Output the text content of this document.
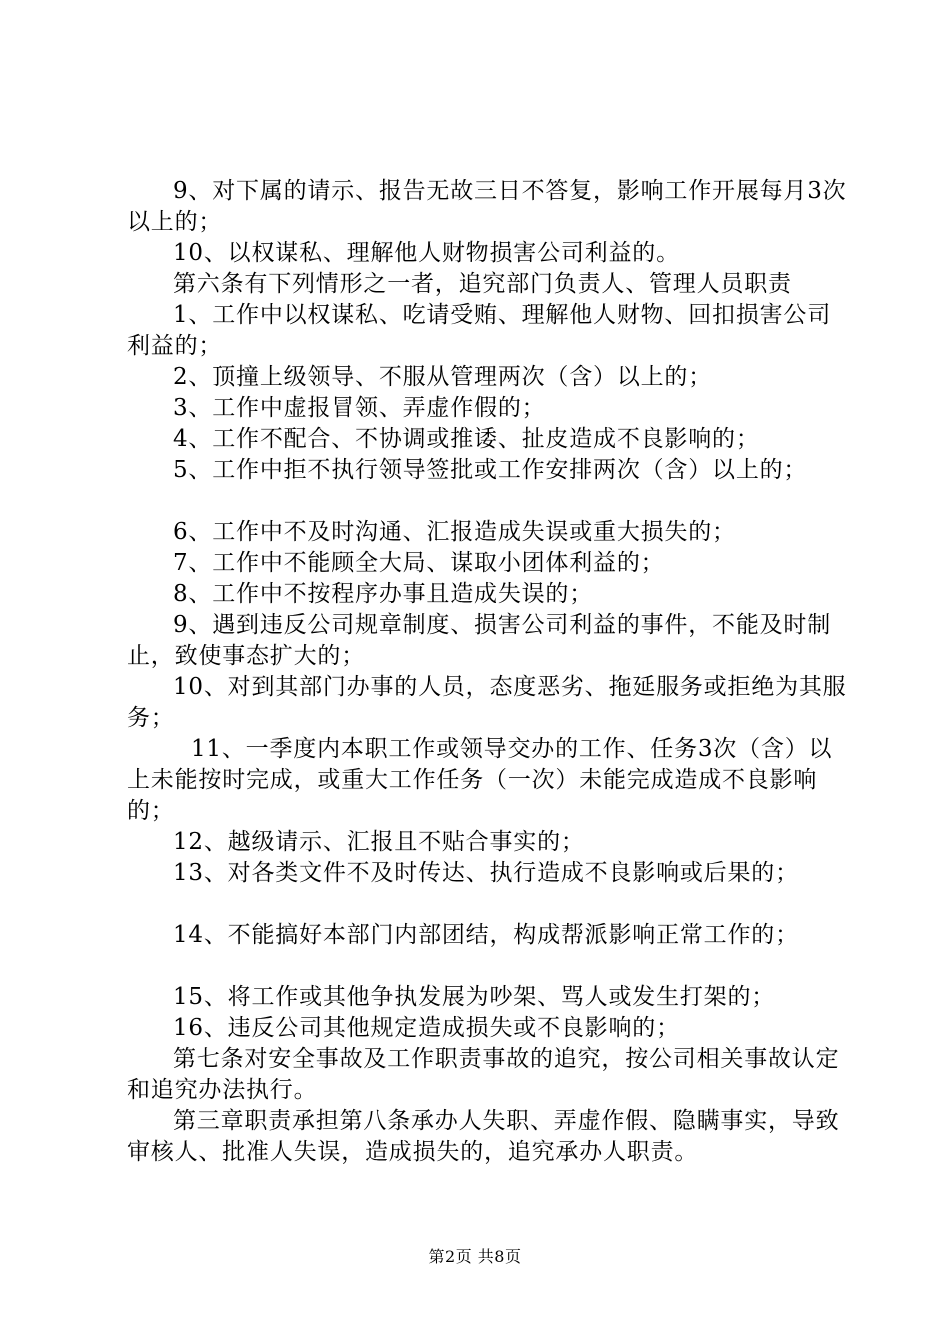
9、对下属的请示、报告无故三日不答复，影响工作开展每月3次以上的；

10、以权谋私、理解他人财物损害公司利益的。

第六条有下列情形之一者，追究部门负责人、管理人员职责

1、工作中以权谋私、吃请受贿、理解他人财物、回扣损害公司利益的；

2、顶撞上级领导、不服从管理两次（含）以上的；

3、工作中虚报冒领、弄虚作假的；

4、工作不配合、不协调或推诿、扯皮造成不良影响的；

5、工作中拒不执行领导签批或工作安排两次（含）以上的；

6、工作中不及时沟通、汇报造成失误或重大损失的；

7、工作中不能顾全大局、谋取小团体利益的；

8、工作中不按程序办事且造成失误的；

9、遇到违反公司规章制度、损害公司利益的事件，不能及时制止，致使事态扩大的；

10、对到其部门办事的人员，态度恶劣、拖延服务或拒绝为其服务；

11、一季度内本职工作或领导交办的工作、任务3次（含）以上未能按时完成，或重大工作任务（一次）未能完成造成不良影响的；

12、越级请示、汇报且不贴合事实的；

13、对各类文件不及时传达、执行造成不良影响或后果的；

14、不能搞好本部门内部团结，构成帮派影响正常工作的；

15、将工作或其他争执发展为吵架、骂人或发生打架的；

16、违反公司其他规定造成损失或不良影响的；

第七条对安全事故及工作职责事故的追究，按公司相关事故认定和追究办法执行。

第三章职责承担第八条承办人失职、弄虚作假、隐瞒事实，导致审核人、批准人失误，造成损失的，追究承办人职责。

第2页 共8页
